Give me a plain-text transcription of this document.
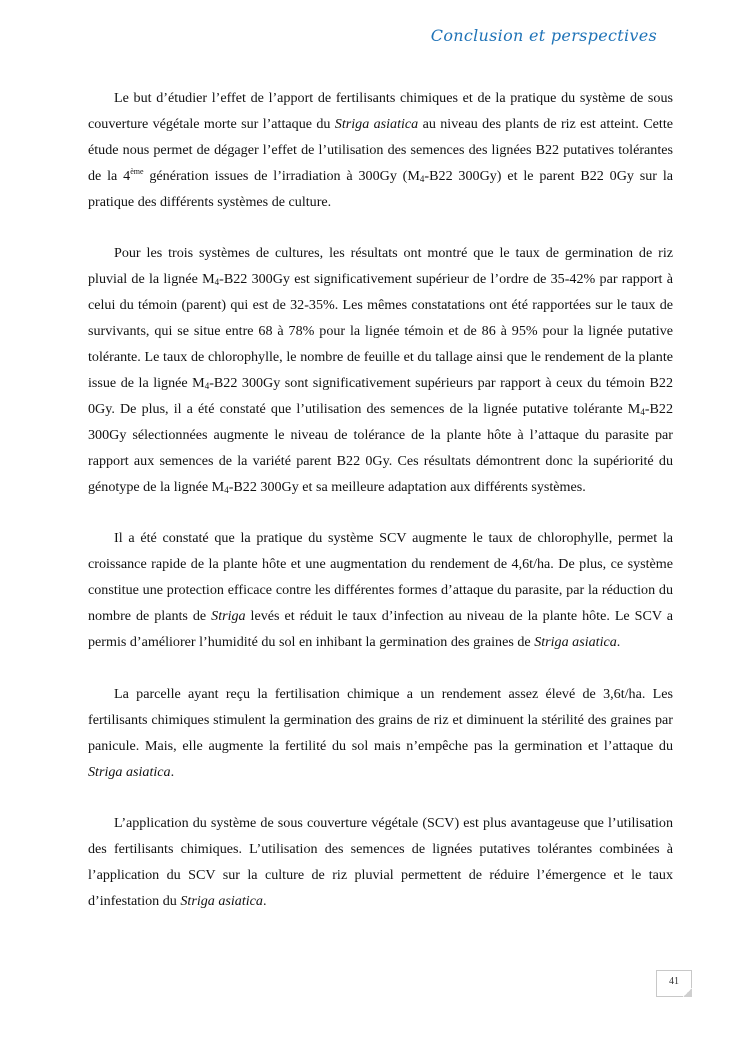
Conclusion et perspectives

Le but d’étudier l’effet de l’apport de fertilisants chimiques et de la pratique du système de sous couverture végétale morte sur l’attaque du Striga asiatica au niveau des plants de riz est atteint. Cette étude nous permet de dégager l’effet de l’utilisation des semences des lignées B22 putatives tolérantes de la 4ème génération issues de l’irradiation à 300Gy ($M_4-B22$ 300Gy) et le parent B22 0Gy sur la pratique des différents systèmes de culture.

Pour les trois systèmes de cultures, les résultats ont montré que le taux de germination de riz pluvial de la lignée $M_4-B22$ 300Gy est significativement supérieur de l’ordre de 35-42% par rapport à celui du témoin (parent) qui est de 32-35%. Les mêmes constatations ont été rapportées sur le taux de survivants, qui se situe entre 68 à 78% pour la lignée témoin et de 86 à 95% pour la lignée putative tolérante. Le taux de chlorophylle, le nombre de feuille et du tallage ainsi que le rendement de la plante issue de la lignée $M_4-B22$ 300Gy sont significativement supérieurs par rapport à ceux du témoin B22 0Gy. De plus, il a été constaté que l’utilisation des semences de la lignée putative tolérante $M_4-B22$ 300Gy sélectionnées augmente le niveau de tolérance de la plante hôte à l’attaque du parasite par rapport aux semences de la variété parent B22 0Gy. Ces résultats démontrent donc la supériorité du génotype de la lignée $M_4-B22$ 300Gy et sa meilleure adaptation aux différents systèmes.

Il a été constaté que la pratique du système SCV augmente le taux de chlorophylle, permet la croissance rapide de la plante hôte et une augmentation du rendement de 4,6t/ha. De plus, ce système constitue une protection efficace contre les différentes formes d’attaque du parasite, par la réduction du nombre de plants de Striga levés et réduit le taux d’infection au niveau de la plante hôte. Le SCV a permis d’améliorer l’humidité du sol en inhibant la germination des graines de Striga asiatica.

La parcelle ayant reçu la fertilisation chimique a un rendement assez élevé de 3,6t/ha. Les fertilisants chimiques stimulent la germination des grains de riz et diminuent la stérilité des graines par panicule. Mais, elle augmente la fertilité du sol mais n’empêche pas la germination et l’attaque du Striga asiatica.

L’application du système de sous couverture végétale (SCV) est plus avantageuse que l’utilisation des fertilisants chimiques. L’utilisation des semences de lignées putatives tolérantes combinées à l’application du SCV sur la culture de riz pluvial permettent de réduire l’émergence et le taux d’infestation du Striga asiatica.

41
